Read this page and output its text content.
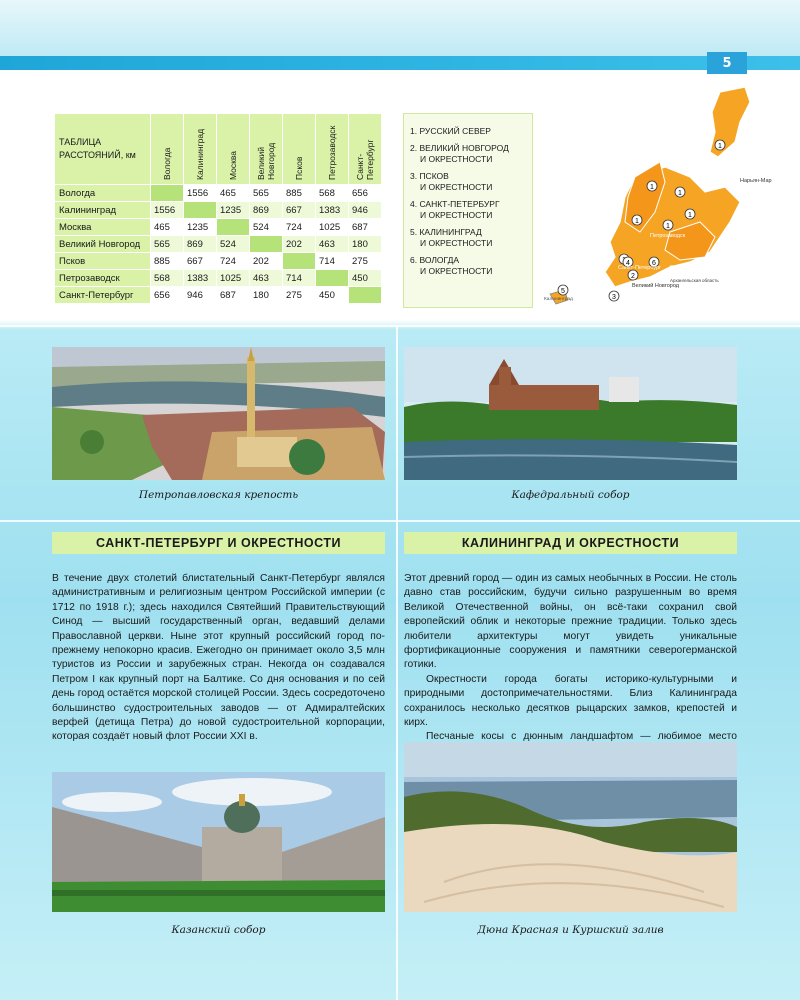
5
ТАБЛИЦА РАССТОЯНИЙ, км	Вологда	Калининград	Москва	Великий Новгород	Псков	Петрозаводск	Санкт-Петербург

Вологда		1556	465	565	885	568	656
Калининград	1556		1235	869	667	1383	946
Москва	465	1235		524	724	1025	687
Великий Новгород	565	869	524		202	463	180
Псков	885	667	724	202		714	275
Петрозаводск	568	1383	1025	463	714		450
Санкт-Петербург	656	946	687	180	275	450	
1. РУССКИЙ СЕВЕР
2. ВЕЛИКИЙ НОВГОРОД
И ОКРЕСТНОСТИ
3. ПСКОВ
И ОКРЕСТНОСТИ
4. САНКТ-ПЕТЕРБУРГ
И ОКРЕСТНОСТИ
5. КАЛИНИНГРАД
И ОКРЕСТНОСТИ
6. ВОЛОГДА
И ОКРЕСТНОСТИ
1
1
1
1
1
1
2
3
4
5
6
Мурманск
Нарьян-Мар
Петрозаводск
Санкт-Петербург
Великий Новгород
Вологда
Архангельская область
Калининград
Петропавловская крепость	Кафедральный собор
САНКТ-ПЕТЕРБУРГ И ОКРЕСТНОСТИ	КАЛИНИНГРАД И ОКРЕСТНОСТИ

В течение двух столетий блистательный Санкт-Петербург являлся административным и религиозным центром Российской империи (с 1712 по 1918 г.); здесь находился Святейший Правительствующий Синод — высший государственный орган, ведавший делами Православной церкви. Ныне этот крупный российский город по-прежнему непокорно красив. Ежегодно он принимает около 3,5 млн туристов из России и зарубежных стран. Некогда он создавался Петром I как крупный порт на Балтике. Со дня основания и по сей день город остаётся морской столицей России. Здесь сосредоточено большинство судостроительных заводов — от Адмиралтейских верфей (детища Петра) до новой судостроительной корпорации, которая создаёт новый флот России XXI в.

Этот древний город — один из самых необычных в России. Не столь давно став российским, будучи сильно разрушенным во время Великой Отечественной войны, он всё-таки сохранил свой европейский облик и некоторые прежние традиции. Только здесь любители архитектуры могут увидеть уникальные фортификационные сооружения и памятники северогерманской готики.

Окрестности города богаты историко-культурными и природными достопримечательностями. Близ Калининграда сохранилось несколько десятков рыцарских замков, крепостей и кирх.

Песчаные косы с дюнным ландшафтом — любимое место

Казанский собор	Дюна Красная и Куршский залив
